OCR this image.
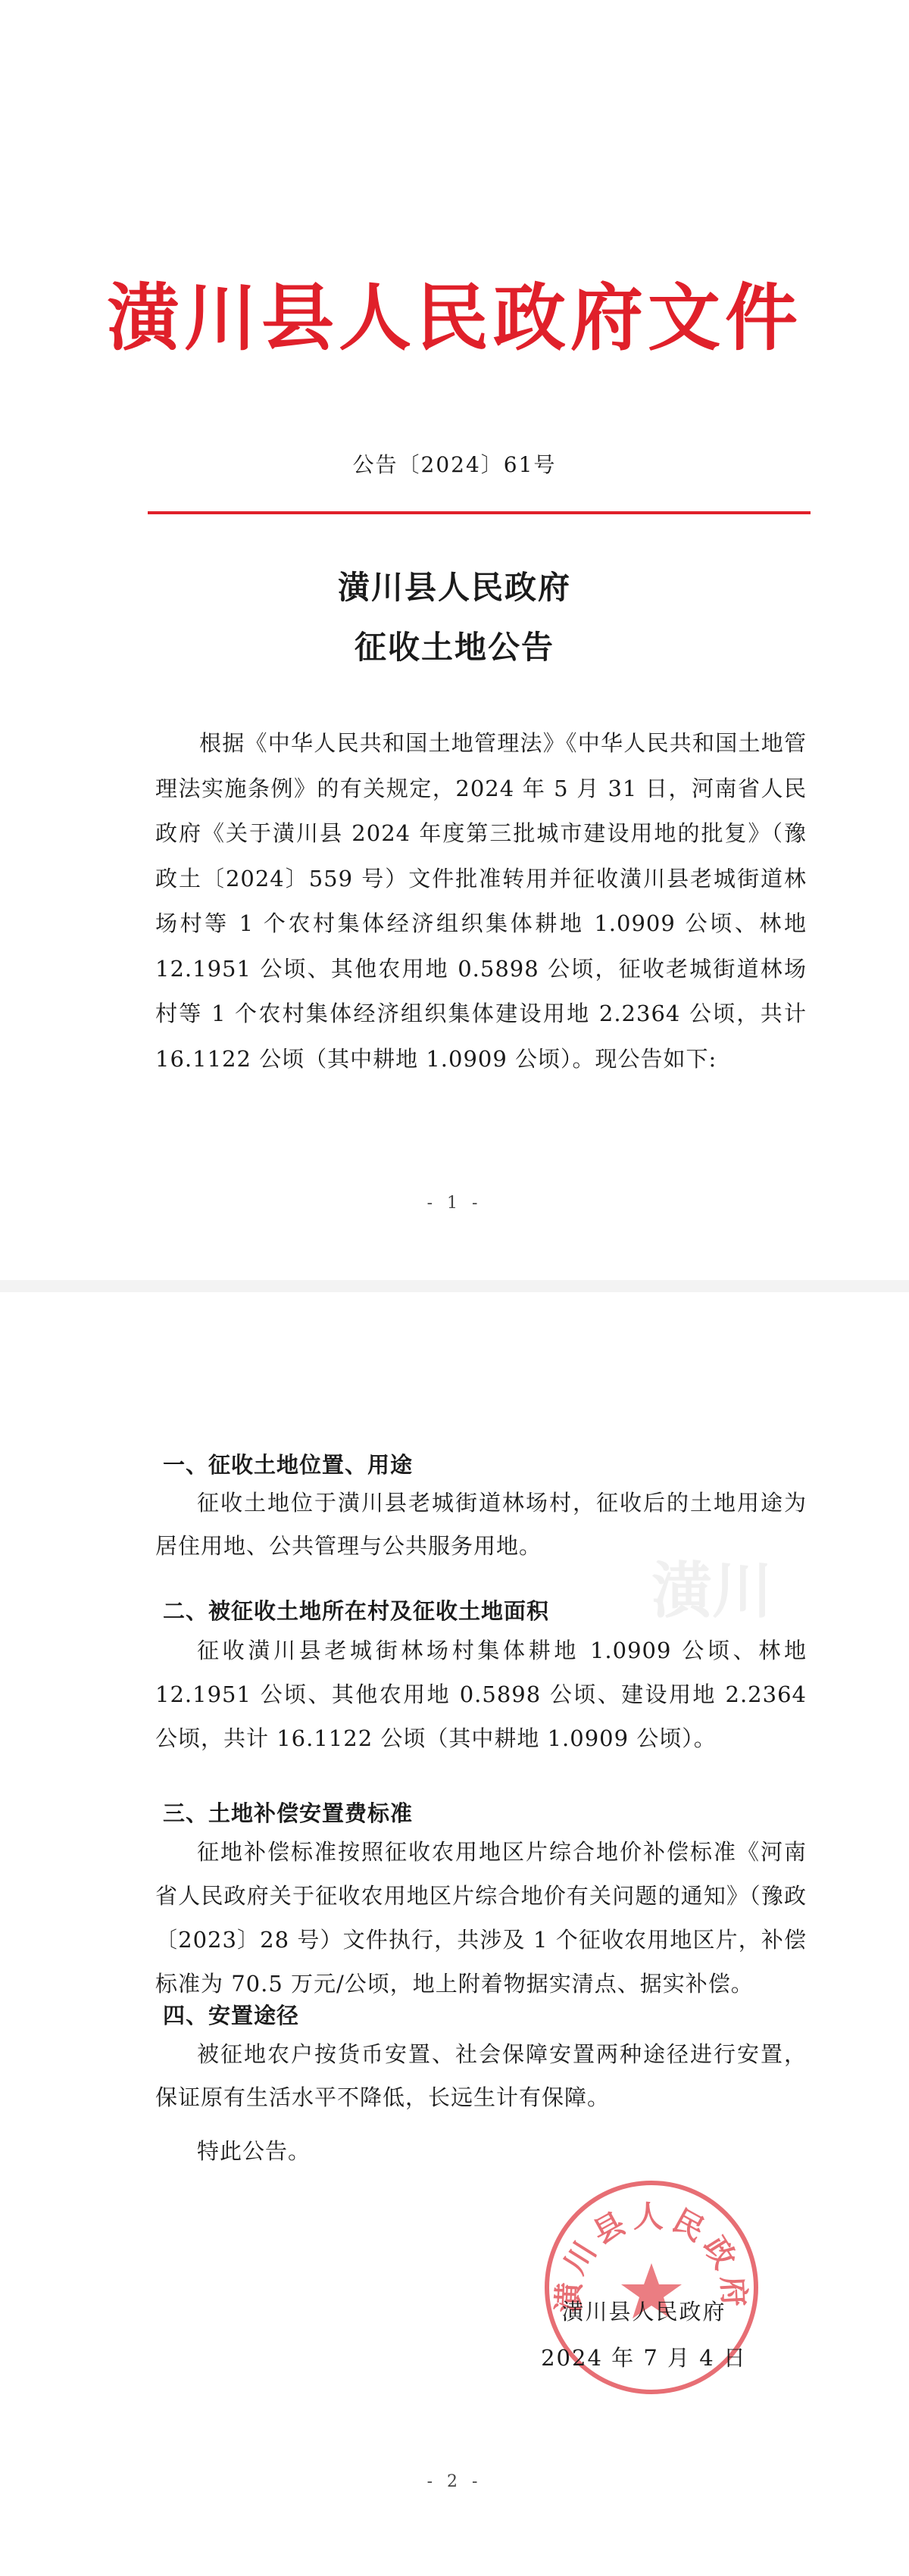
潢川县人民政府文件
公告〔2024〕61号
潢川县人民政府
征收土地公告
根据《中华人民共和国土地管理法》《中华人民共和国土地管理法实施条例》的有关规定，2024 年 5 月 31 日，河南省人民政府《关于潢川县 2024 年度第三批城市建设用地的批复》（豫政土〔2024〕559 号）文件批准转用并征收潢川县老城街道林场村等 1 个农村集体经济组织集体耕地 1.0909 公顷、林地 12.1951 公顷、其他农用地 0.5898 公顷，征收老城街道林场村等 1 个农村集体经济组织集体建设用地 2.2364 公顷，共计 16.1122 公顷（其中耕地 1.0909 公顷）。现公告如下:
- 1 -
潢川
一、征收土地位置、用途
征收土地位于潢川县老城街道林场村，征收后的土地用途为居住用地、公共管理与公共服务用地。
二、被征收土地所在村及征收土地面积
征收潢川县老城街林场村集体耕地 1.0909 公顷、林地 12.1951 公顷、其他农用地 0.5898 公顷、建设用地 2.2364 公顷，共计 16.1122 公顷（其中耕地 1.0909 公顷）。
三、土地补偿安置费标准
征地补偿标准按照征收农用地区片综合地价补偿标准《河南省人民政府关于征收农用地区片综合地价有关问题的通知》（豫政〔2023〕28 号）文件执行，共涉及 1 个征收农用地区片，补偿标准为 70.5 万元/公顷，地上附着物据实清点、据实补偿。
四、安置途径
被征地农户按货币安置、社会保障安置两种途径进行安置，保证原有生活水平不降低，长远生计有保障。
特此公告。
潢川县人民政府
潢川县人民政府
2024 年 7 月 4 日
- 2 -
